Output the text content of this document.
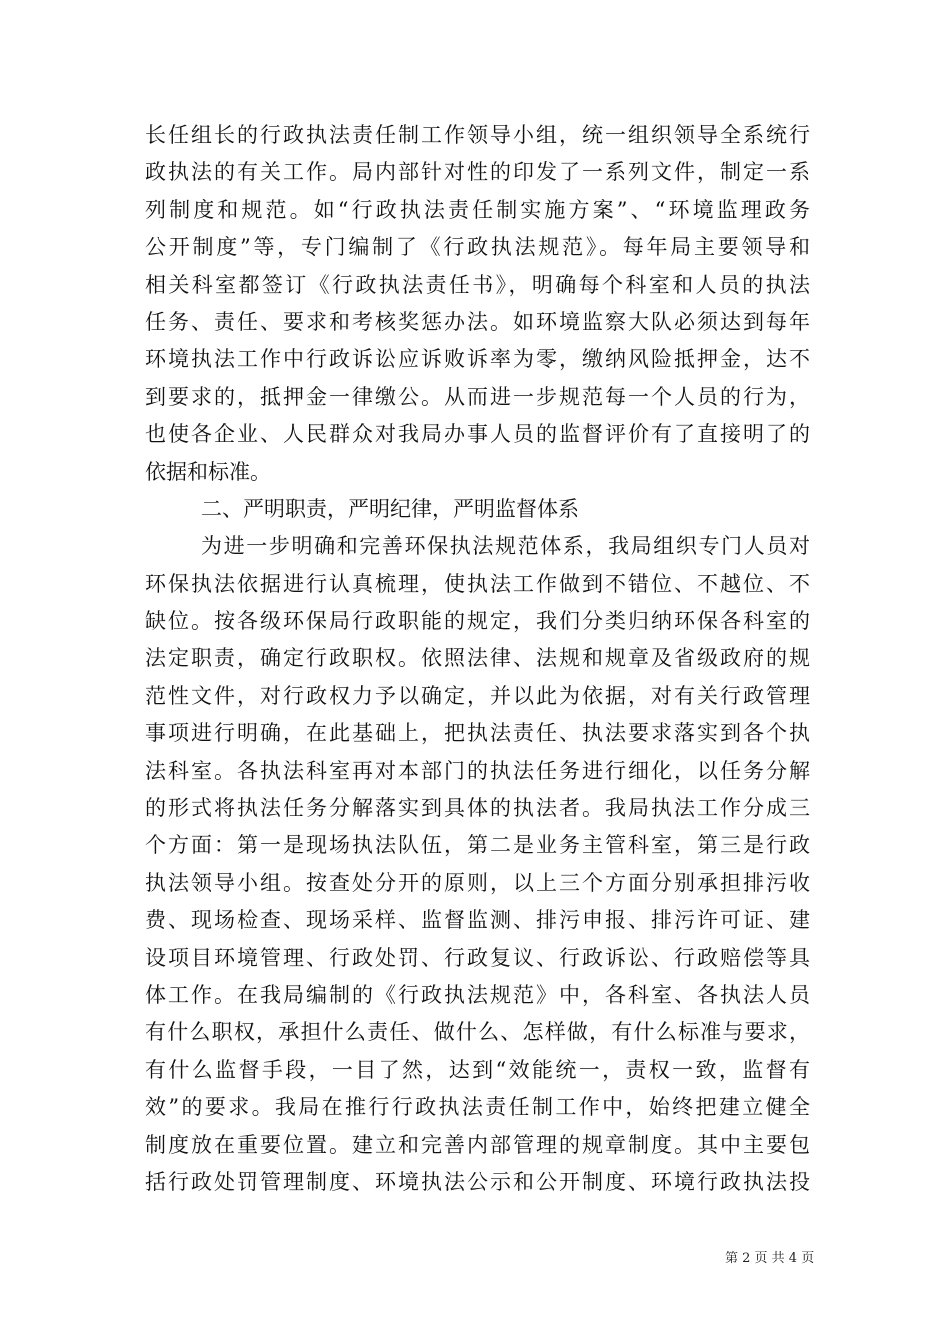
长任组长的行政执法责任制工作领导小组，统一组织领导全系统行
政执法的有关工作。局内部针对性的印发了一系列文件，制定一系
列制度和规范。如“行政执法责任制实施方案”、“环境监理政务
公开制度”等，专门编制了《行政执法规范》。每年局主要领导和
相关科室都签订《行政执法责任书》，明确每个科室和人员的执法
任务、责任、要求和考核奖惩办法。如环境监察大队必须达到每年
环境执法工作中行政诉讼应诉败诉率为零，缴纳风险抵押金，达不
到要求的，抵押金一律缴公。从而进一步规范每一个人员的行为，
也使各企业、人民群众对我局办事人员的监督评价有了直接明了的
依据和标准。
二、严明职责，严明纪律，严明监督体系
为进一步明确和完善环保执法规范体系，我局组织专门人员对
环保执法依据进行认真梳理，使执法工作做到不错位、不越位、不
缺位。按各级环保局行政职能的规定，我们分类归纳环保各科室的
法定职责，确定行政职权。依照法律、法规和规章及省级政府的规
范性文件，对行政权力予以确定，并以此为依据，对有关行政管理
事项进行明确，在此基础上，把执法责任、执法要求落实到各个执
法科室。各执法科室再对本部门的执法任务进行细化，以任务分解
的形式将执法任务分解落实到具体的执法者。我局执法工作分成三
个方面：第一是现场执法队伍，第二是业务主管科室，第三是行政
执法领导小组。按查处分开的原则，以上三个方面分别承担排污收
费、现场检查、现场采样、监督监测、排污申报、排污许可证、建
设项目环境管理、行政处罚、行政复议、行政诉讼、行政赔偿等具
体工作。在我局编制的《行政执法规范》中，各科室、各执法人员
有什么职权，承担什么责任、做什么、怎样做，有什么标准与要求，
有什么监督手段，一目了然，达到“效能统一，责权一致，监督有
效”的要求。我局在推行行政执法责任制工作中，始终把建立健全
制度放在重要位置。建立和完善内部管理的规章制度。其中主要包
括行政处罚管理制度、环境执法公示和公开制度、环境行政执法投
第 2 页 共 4 页
